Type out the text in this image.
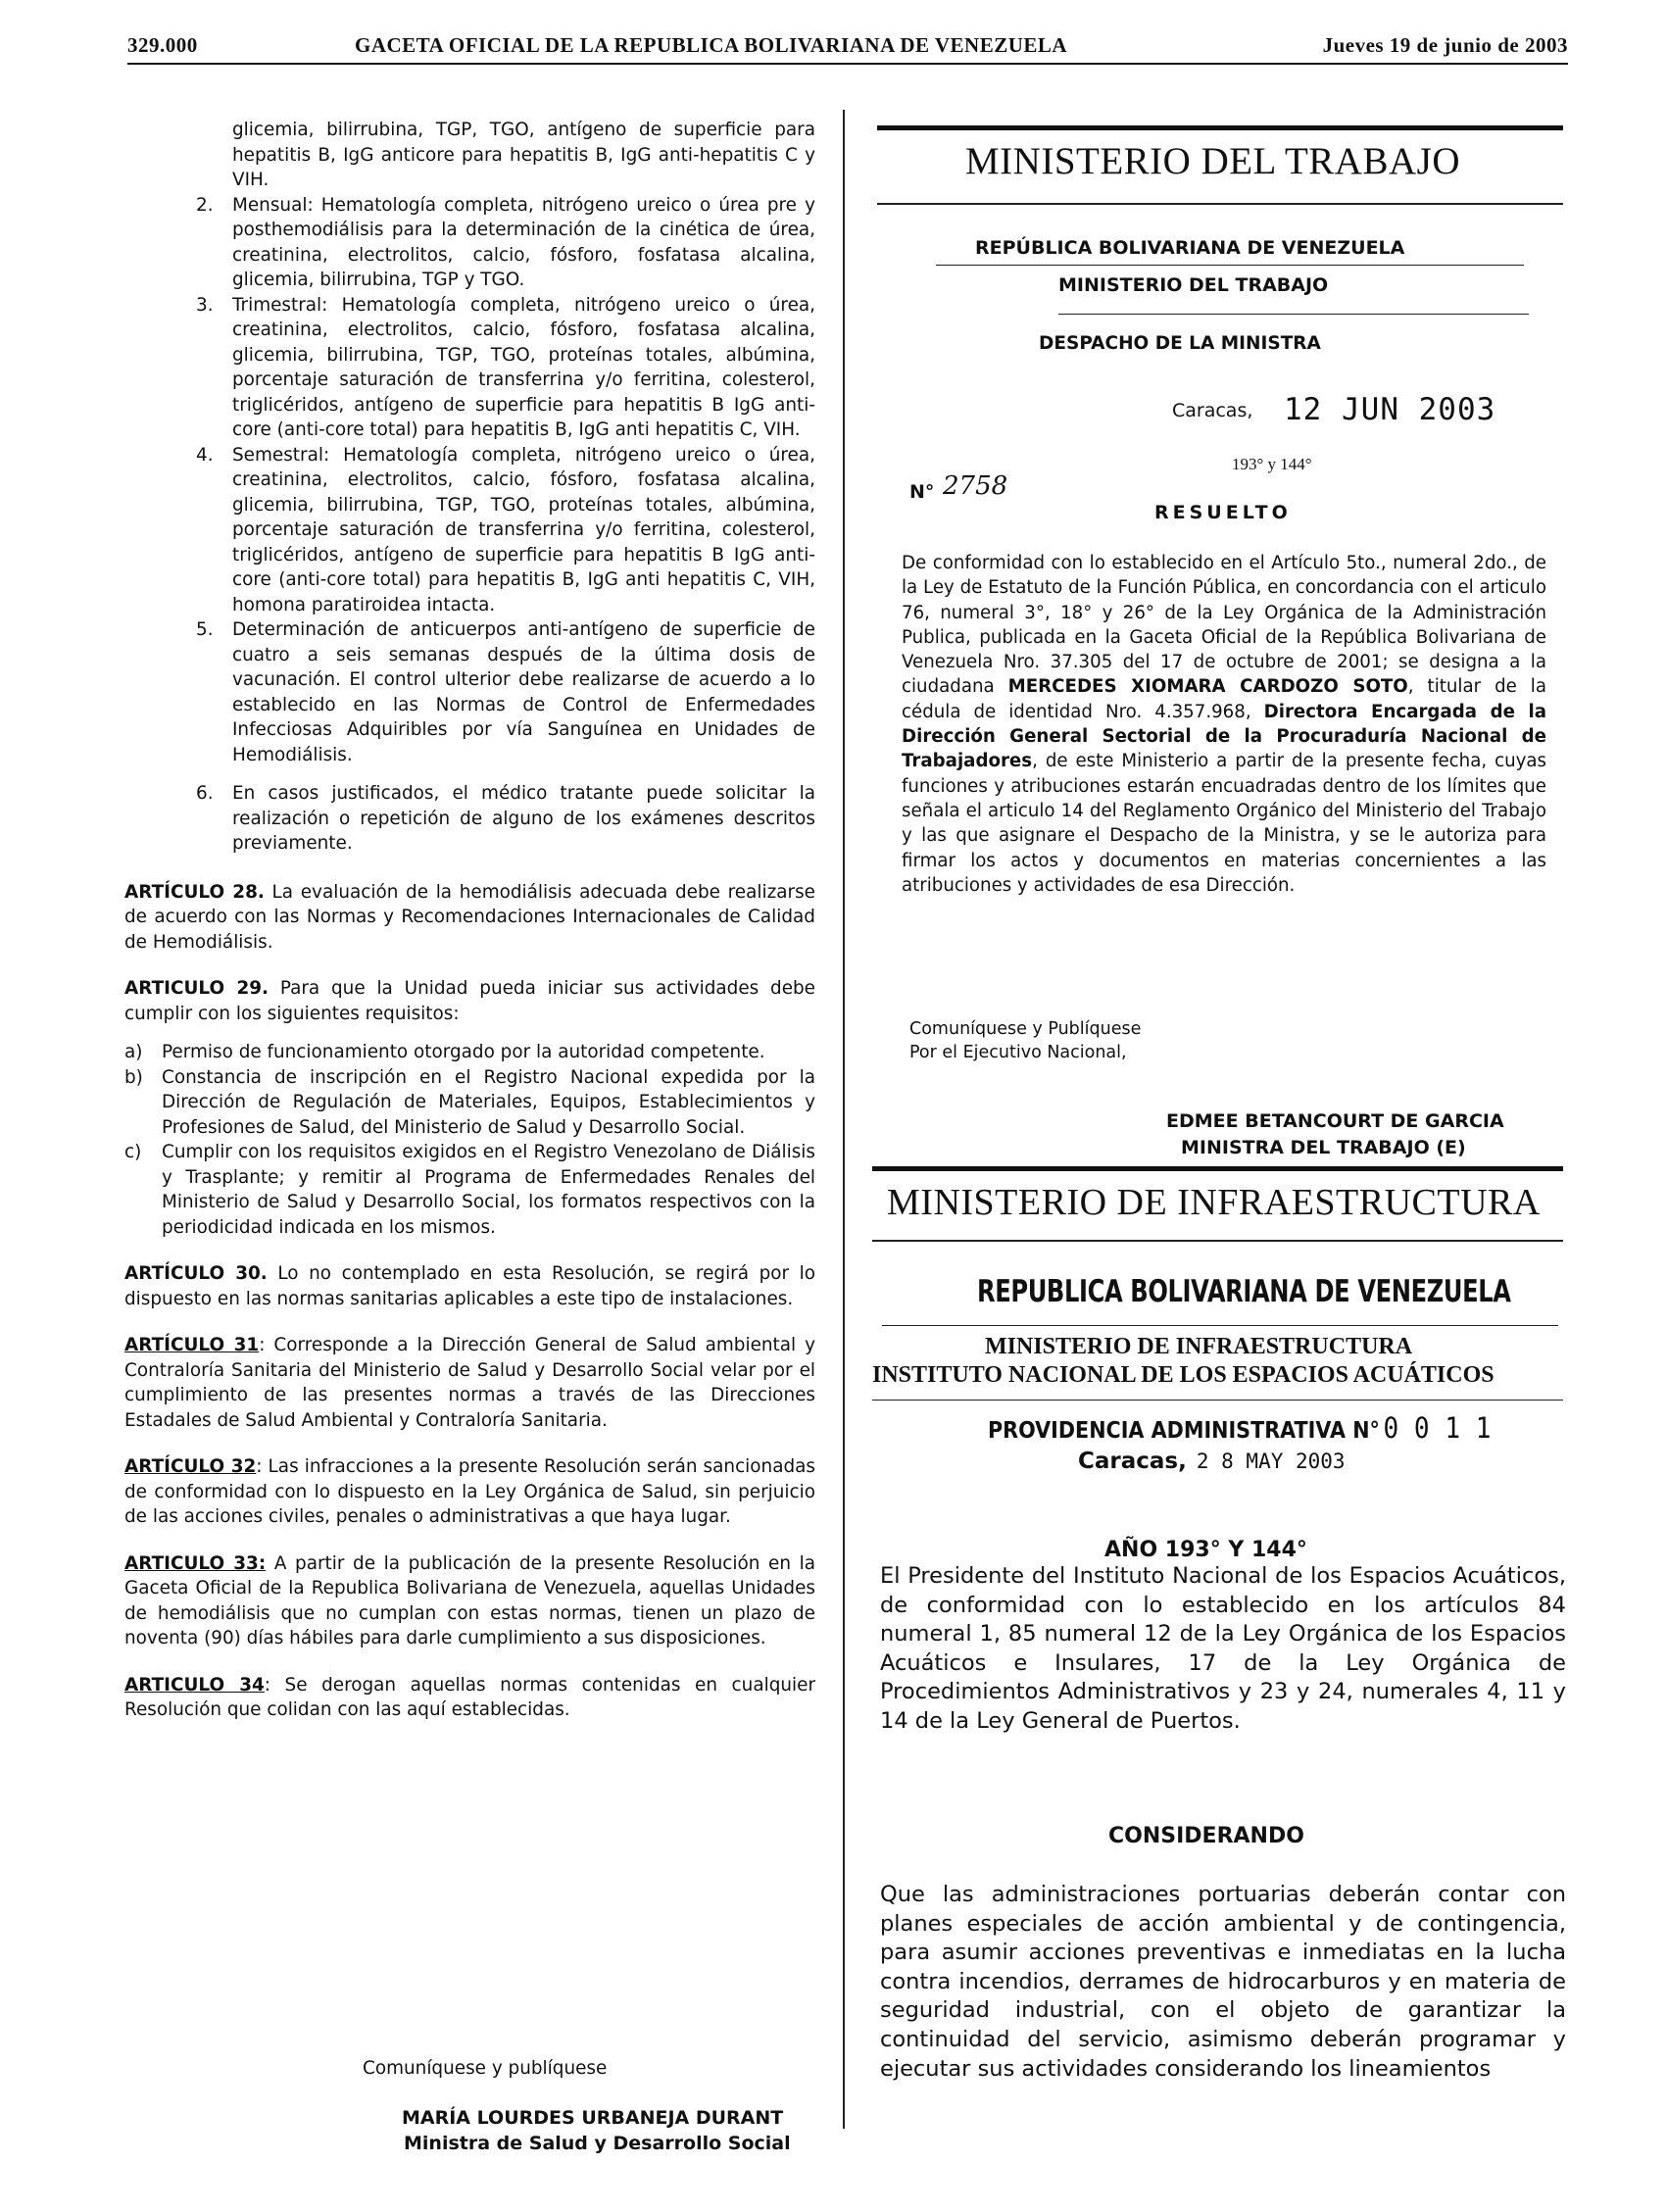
329.000	GACETA OFICIAL DE LA REPUBLICA BOLIVARIANA DE VENEZUELA	Jueves 19 de junio de 2003

glicemia, bilirrubina, TGP, TGO, antígeno de superficie para hepatitis B, IgG anticore para hepatitis B, IgG anti-hepatitis C y VIH.

2. Mensual: Hematología completa, nitrógeno ureico o úrea pre y posthemodiálisis para la determinación de la cinética de úrea, creatinina, electrolitos, calcio, fósforo, fosfatasa alcalina, glicemia, bilirrubina, TGP y TGO.
3. Trimestral: Hematología completa, nitrógeno ureico o úrea, creatinina, electrolitos, calcio, fósforo, fosfatasa alcalina, glicemia, bilirrubina, TGP, TGO, proteínas totales, albúmina, porcentaje saturación de transferrina y/o ferritina, colesterol, triglicéridos, antígeno de superficie para hepatitis B IgG anti-core (anti-core total) para hepatitis B, IgG anti hepatitis C, VIH.
4. Semestral: Hematología completa, nitrógeno ureico o úrea, creatinina, electrolitos, calcio, fósforo, fosfatasa alcalina, glicemia, bilirrubina, TGP, TGO, proteínas totales, albúmina, porcentaje saturación de transferrina y/o ferritina, colesterol, triglicéridos, antígeno de superficie para hepatitis B IgG anti-core (anti-core total) para hepatitis B, IgG anti hepatitis C, VIH, homona paratiroidea intacta.
5. Determinación de anticuerpos anti-antígeno de superficie de cuatro a seis semanas después de la última dosis de vacunación. El control ulterior debe realizarse de acuerdo a lo establecido en las Normas de Control de Enfermedades Infecciosas Adquiribles por vía Sanguínea en Unidades de Hemodiálisis.
6. En casos justificados, el médico tratante puede solicitar la realización o repetición de alguno de los exámenes descritos previamente.

ARTÍCULO 28. La evaluación de la hemodiálisis adecuada debe realizarse de acuerdo con las Normas y Recomendaciones Internacionales de Calidad de Hemodiálisis.

ARTICULO 29. Para que la Unidad pueda iniciar sus actividades debe cumplir con los siguientes requisitos:

a) Permiso de funcionamiento otorgado por la autoridad competente.
b) Constancia de inscripción en el Registro Nacional expedida por la Dirección de Regulación de Materiales, Equipos, Establecimientos y Profesiones de Salud, del Ministerio de Salud y Desarrollo Social.
c) Cumplir con los requisitos exigidos en el Registro Venezolano de Diálisis y Trasplante; y remitir al Programa de Enfermedades Renales del Ministerio de Salud y Desarrollo Social, los formatos respectivos con la periodicidad indicada en los mismos.

ARTÍCULO 30. Lo no contemplado en esta Resolución, se regirá por lo dispuesto en las normas sanitarias aplicables a este tipo de instalaciones.

ARTÍCULO 31: Corresponde a la Dirección General de Salud ambiental y Contraloría Sanitaria del Ministerio de Salud y Desarrollo Social velar por el cumplimiento de las presentes normas a través de las Direcciones Estadales de Salud Ambiental y Contraloría Sanitaria.

ARTÍCULO 32: Las infracciones a la presente Resolución serán sancionadas de conformidad con lo dispuesto en la Ley Orgánica de Salud, sin perjuicio de las acciones civiles, penales o administrativas a que haya lugar.

ARTICULO 33: A partir de la publicación de la presente Resolución en la Gaceta Oficial de la Republica Bolivariana de Venezuela, aquellas Unidades de hemodiálisis que no cumplan con estas normas, tienen un plazo de noventa (90) días hábiles para darle cumplimiento a sus disposiciones.

ARTICULO 34: Se derogan aquellas normas contenidas en cualquier Resolución que colidan con las aquí establecidas.

Comuníquese y publíquese
MARÍA LOURDES URBANEJA DURANT
Ministra de Salud y Desarrollo Social
MINISTERIO DEL TRABAJO
REPÚBLICA BOLIVARIANA DE VENEZUELA
MINISTERIO DEL TRABAJO
DESPACHO DE LA MINISTRA
Caracas, 12 JUN 2003
193° y 144°
N° 2758
RESUELTO
De conformidad con lo establecido en el Artículo 5to., numeral 2do., de la Ley de Estatuto de la Función Pública, en concordancia con el articulo 76, numeral 3°, 18° y 26° de la Ley Orgánica de la Administración Publica, publicada en la Gaceta Oficial de la República Bolivariana de Venezuela Nro. 37.305 del 17 de octubre de 2001; se designa a la ciudadana MERCEDES XIOMARA CARDOZO SOTO, titular de la cédula de identidad Nro. 4.357.968, Directora Encargada de la Dirección General Sectorial de la Procuraduría Nacional de Trabajadores, de este Ministerio a partir de la presente fecha, cuyas funciones y atribuciones estarán encuadradas dentro de los límites que señala el articulo 14 del Reglamento Orgánico del Ministerio del Trabajo y las que asignare el Despacho de la Ministra, y se le autoriza para firmar los actos y documentos en materias concernientes a las atribuciones y actividades de esa Dirección.
Comuníquese y Publíquese
Por el Ejecutivo Nacional,
EDMEE BETANCOURT DE GARCIA
MINISTRA DEL TRABAJO (E)
MINISTERIO DE INFRAESTRUCTURA
REPUBLICA BOLIVARIANA DE VENEZUELA
MINISTERIO DE INFRAESTRUCTURA
INSTITUTO NACIONAL DE LOS ESPACIOS ACUÁTICOS
PROVIDENCIA ADMINISTRATIVA N° 0 0 1 1
Caracas, 2 8 MAY 2003
AÑO 193° Y 144°
El Presidente del Instituto Nacional de los Espacios Acuáticos, de conformidad con lo establecido en los artículos 84 numeral 1, 85 numeral 12 de la Ley Orgánica de los Espacios Acuáticos e Insulares, 17 de la Ley Orgánica de Procedimientos Administrativos y 23 y 24, numerales 4, 11 y 14 de la Ley General de Puertos.
CONSIDERANDO
Que las administraciones portuarias deberán contar con planes especiales de acción ambiental y de contingencia, para asumir acciones preventivas e inmediatas en la lucha contra incendios, derrames de hidrocarburos y en materia de seguridad industrial, con el objeto de garantizar la continuidad del servicio, asimismo deberán programar y ejecutar sus actividades considerando los lineamientos
